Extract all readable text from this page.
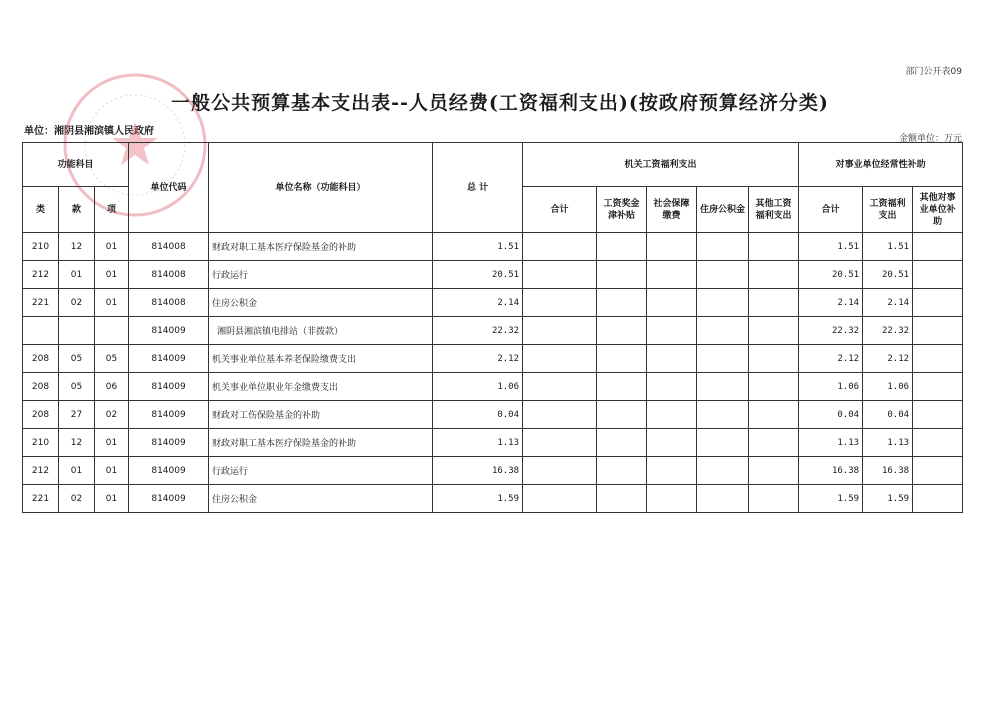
部门公开表09
一般公共预算基本支出表--人员经费(工资福利支出)(按政府预算经济分类)
单位：湘阴县湘滨镇人民政府
金额单位：万元
功能科目			单位代码	单位名称（功能科目）	总 计	机关工资福利支出					对事业单位经常性补助		
类	款	项				合计	工资奖金津补贴	社会保障缴费	住房公积金	其他工资福利支出	合计	工资福利支出	其他对事业单位补助
210	12	01	814008	财政对职工基本医疗保险基金的补助	1.51						1.51	1.51	
212	01	01	814008	行政运行	20.51						20.51	20.51	
221	02	01	814008	住房公积金	2.14						2.14	2.14	
			814009	湘阴县湘滨镇电排站（非拨款）	22.32						22.32	22.32	
208	05	05	814009	机关事业单位基本养老保险缴费支出	2.12						2.12	2.12	
208	05	06	814009	机关事业单位职业年金缴费支出	1.06						1.06	1.06	
208	27	02	814009	财政对工伤保险基金的补助	0.04						0.04	0.04	
210	12	01	814009	财政对职工基本医疗保险基金的补助	1.13						1.13	1.13	
212	01	01	814009	行政运行	16.38						16.38	16.38	
221	02	01	814009	住房公积金	1.59						1.59	1.59	
